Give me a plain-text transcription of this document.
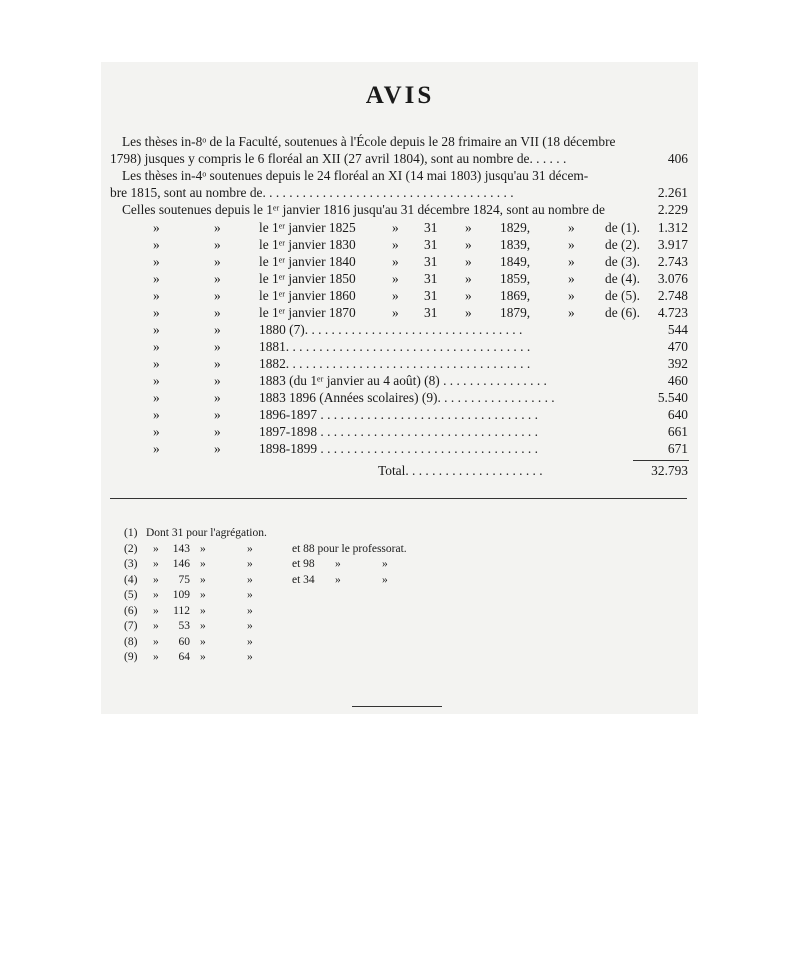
AVIS
Les thèses in-8ᵒ de la Faculté, soutenues à l'École depuis le 28 frimaire an VII (18 décembre
1798) jusques y compris le 6 floréal an XII (27 avril 1804), sont au nombre de. . . . . .	406
Les thèses in-4ᵒ soutenues depuis le 24 floréal an XI (14 mai 1803) jusqu'au 31 décem-
bre 1815, sont au nombre de. . . . . . . . . . . . . . . . . . . . . . . . . . . . . . . . . . . . . .	2.261
Celles soutenues depuis le 1ᵉʳ janvier 1816 jusqu'au 31 décembre 1824, sont au nombre de	2.229
»	»	le 1ᵉʳ janvier 1825	» 31 » 1829,	» de (1). 1.312
»	»	le 1ᵉʳ janvier 1830	» 31 » 1839,	» de (2). 3.917
»	»	le 1ᵉʳ janvier 1840	» 31 » 1849,	» de (3). 2.743
»	»	le 1ᵉʳ janvier 1850	» 31 » 1859,	» de (4). 3.076
»	»	le 1ᵉʳ janvier 1860	» 31 » 1869,	» de (5). 2.748
»	»	le 1ᵉʳ janvier 1870	» 31 » 1879,	» de (6). 4.723
»	»	1880 (7). . . . . . . . . . . . . . . . . . . . . . . . . . . . . . . . .	544
»	»	1881. . . . . . . . . . . . . . . . . . . . . . . . . . . . . . . . . . . . .	470
»	»	1882. . . . . . . . . . . . . . . . . . . . . . . . . . . . . . . . . . . . .	392
»	»	1883 (du 1ᵉʳ janvier au 4 août) (8) . . . . . . . . . . . . . . . .	460
»	»	1883 1896 (Années scolaires) (9). . . . . . . . . . . . . . . . . .	5.540
»	»	1896-1897 . . . . . . . . . . . . . . . . . . . . . . . . . . . . . . . . .	640
»	»	1897-1898 . . . . . . . . . . . . . . . . . . . . . . . . . . . . . . . . .	661
»	»	1898-1899 . . . . . . . . . . . . . . . . . . . . . . . . . . . . . . . . .	671
Total. . . . . . . . . . . . . . . . . . . . .	32.793
(1) Dont 31 pour l'agrégation.
(2) » 143 »	»	et 88 pour le professorat.
(3) » 146 »	»	et 98 »	»
(4) »	75 »	»	et 34 »	»
(5) » 109 »	»
(6) » 112 »	»
(7) »	53 »	»
(8) »	60 »	»
(9) »	64 »	»
